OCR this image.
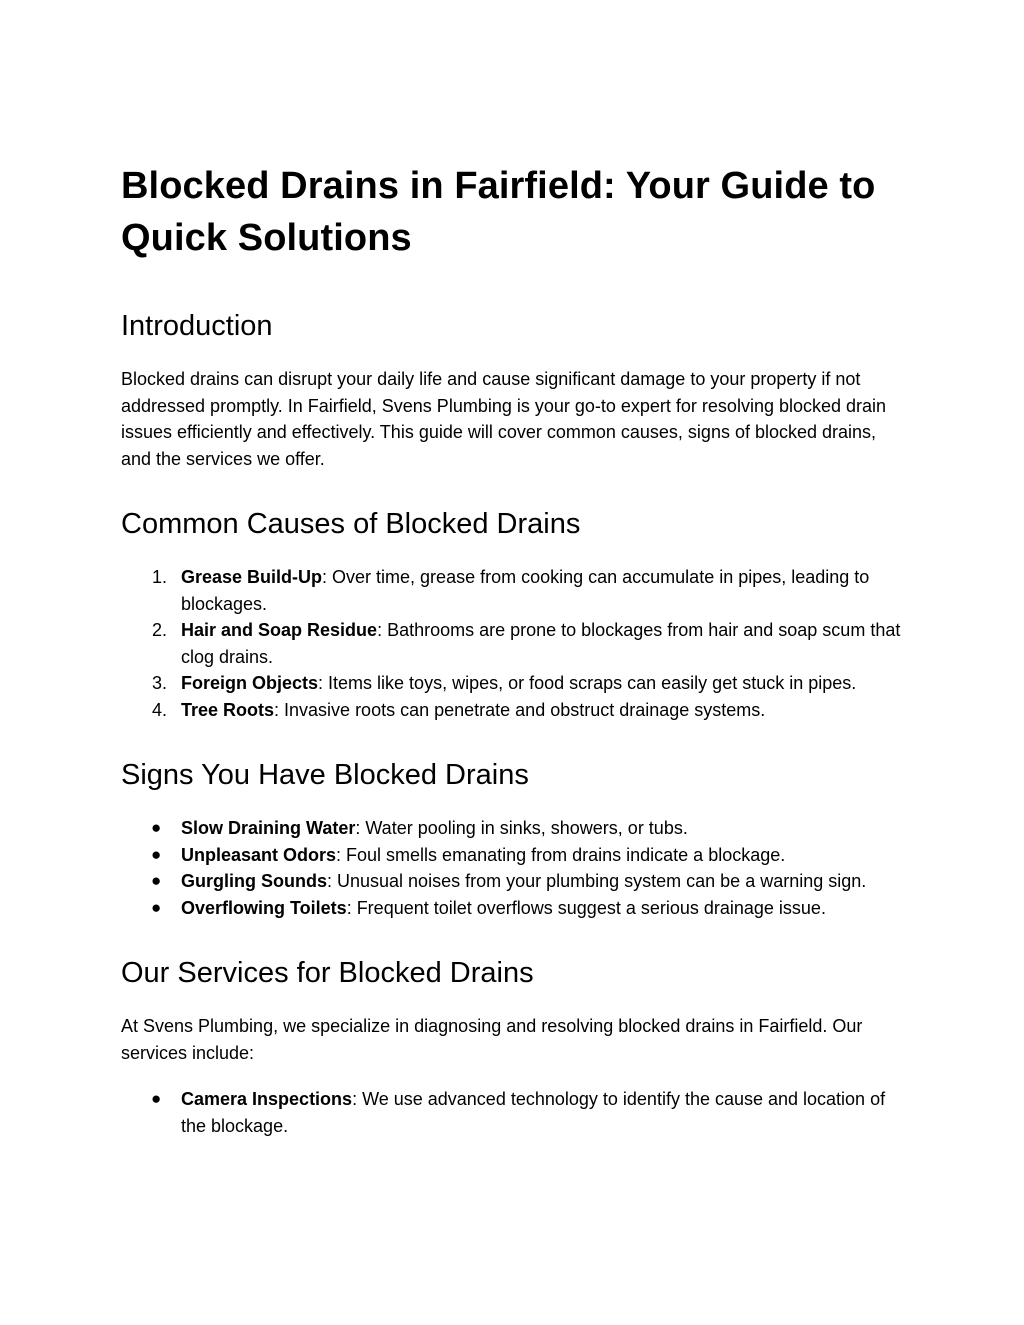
Blocked Drains in Fairfield: Your Guide to Quick Solutions
Introduction

Blocked drains can disrupt your daily life and cause significant damage to your property if not addressed promptly. In Fairfield, Svens Plumbing is your go-to expert for resolving blocked drain issues efficiently and effectively. This guide will cover common causes, signs of blocked drains, and the services we offer.

Common Causes of Blocked Drains
1. Grease Build-Up: Over time, grease from cooking can accumulate in pipes, leading to blockages.
2. Hair and Soap Residue: Bathrooms are prone to blockages from hair and soap scum that clog drains.
3. Foreign Objects: Items like toys, wipes, or food scraps can easily get stuck in pipes.
4. Tree Roots: Invasive roots can penetrate and obstruct drainage systems.
Signs You Have Blocked Drains
● Slow Draining Water: Water pooling in sinks, showers, or tubs.
● Unpleasant Odors: Foul smells emanating from drains indicate a blockage.
● Gurgling Sounds: Unusual noises from your plumbing system can be a warning sign.
● Overflowing Toilets: Frequent toilet overflows suggest a serious drainage issue.
Our Services for Blocked Drains

At Svens Plumbing, we specialize in diagnosing and resolving blocked drains in Fairfield. Our services include:

● Camera Inspections: We use advanced technology to identify the cause and location of the blockage.
